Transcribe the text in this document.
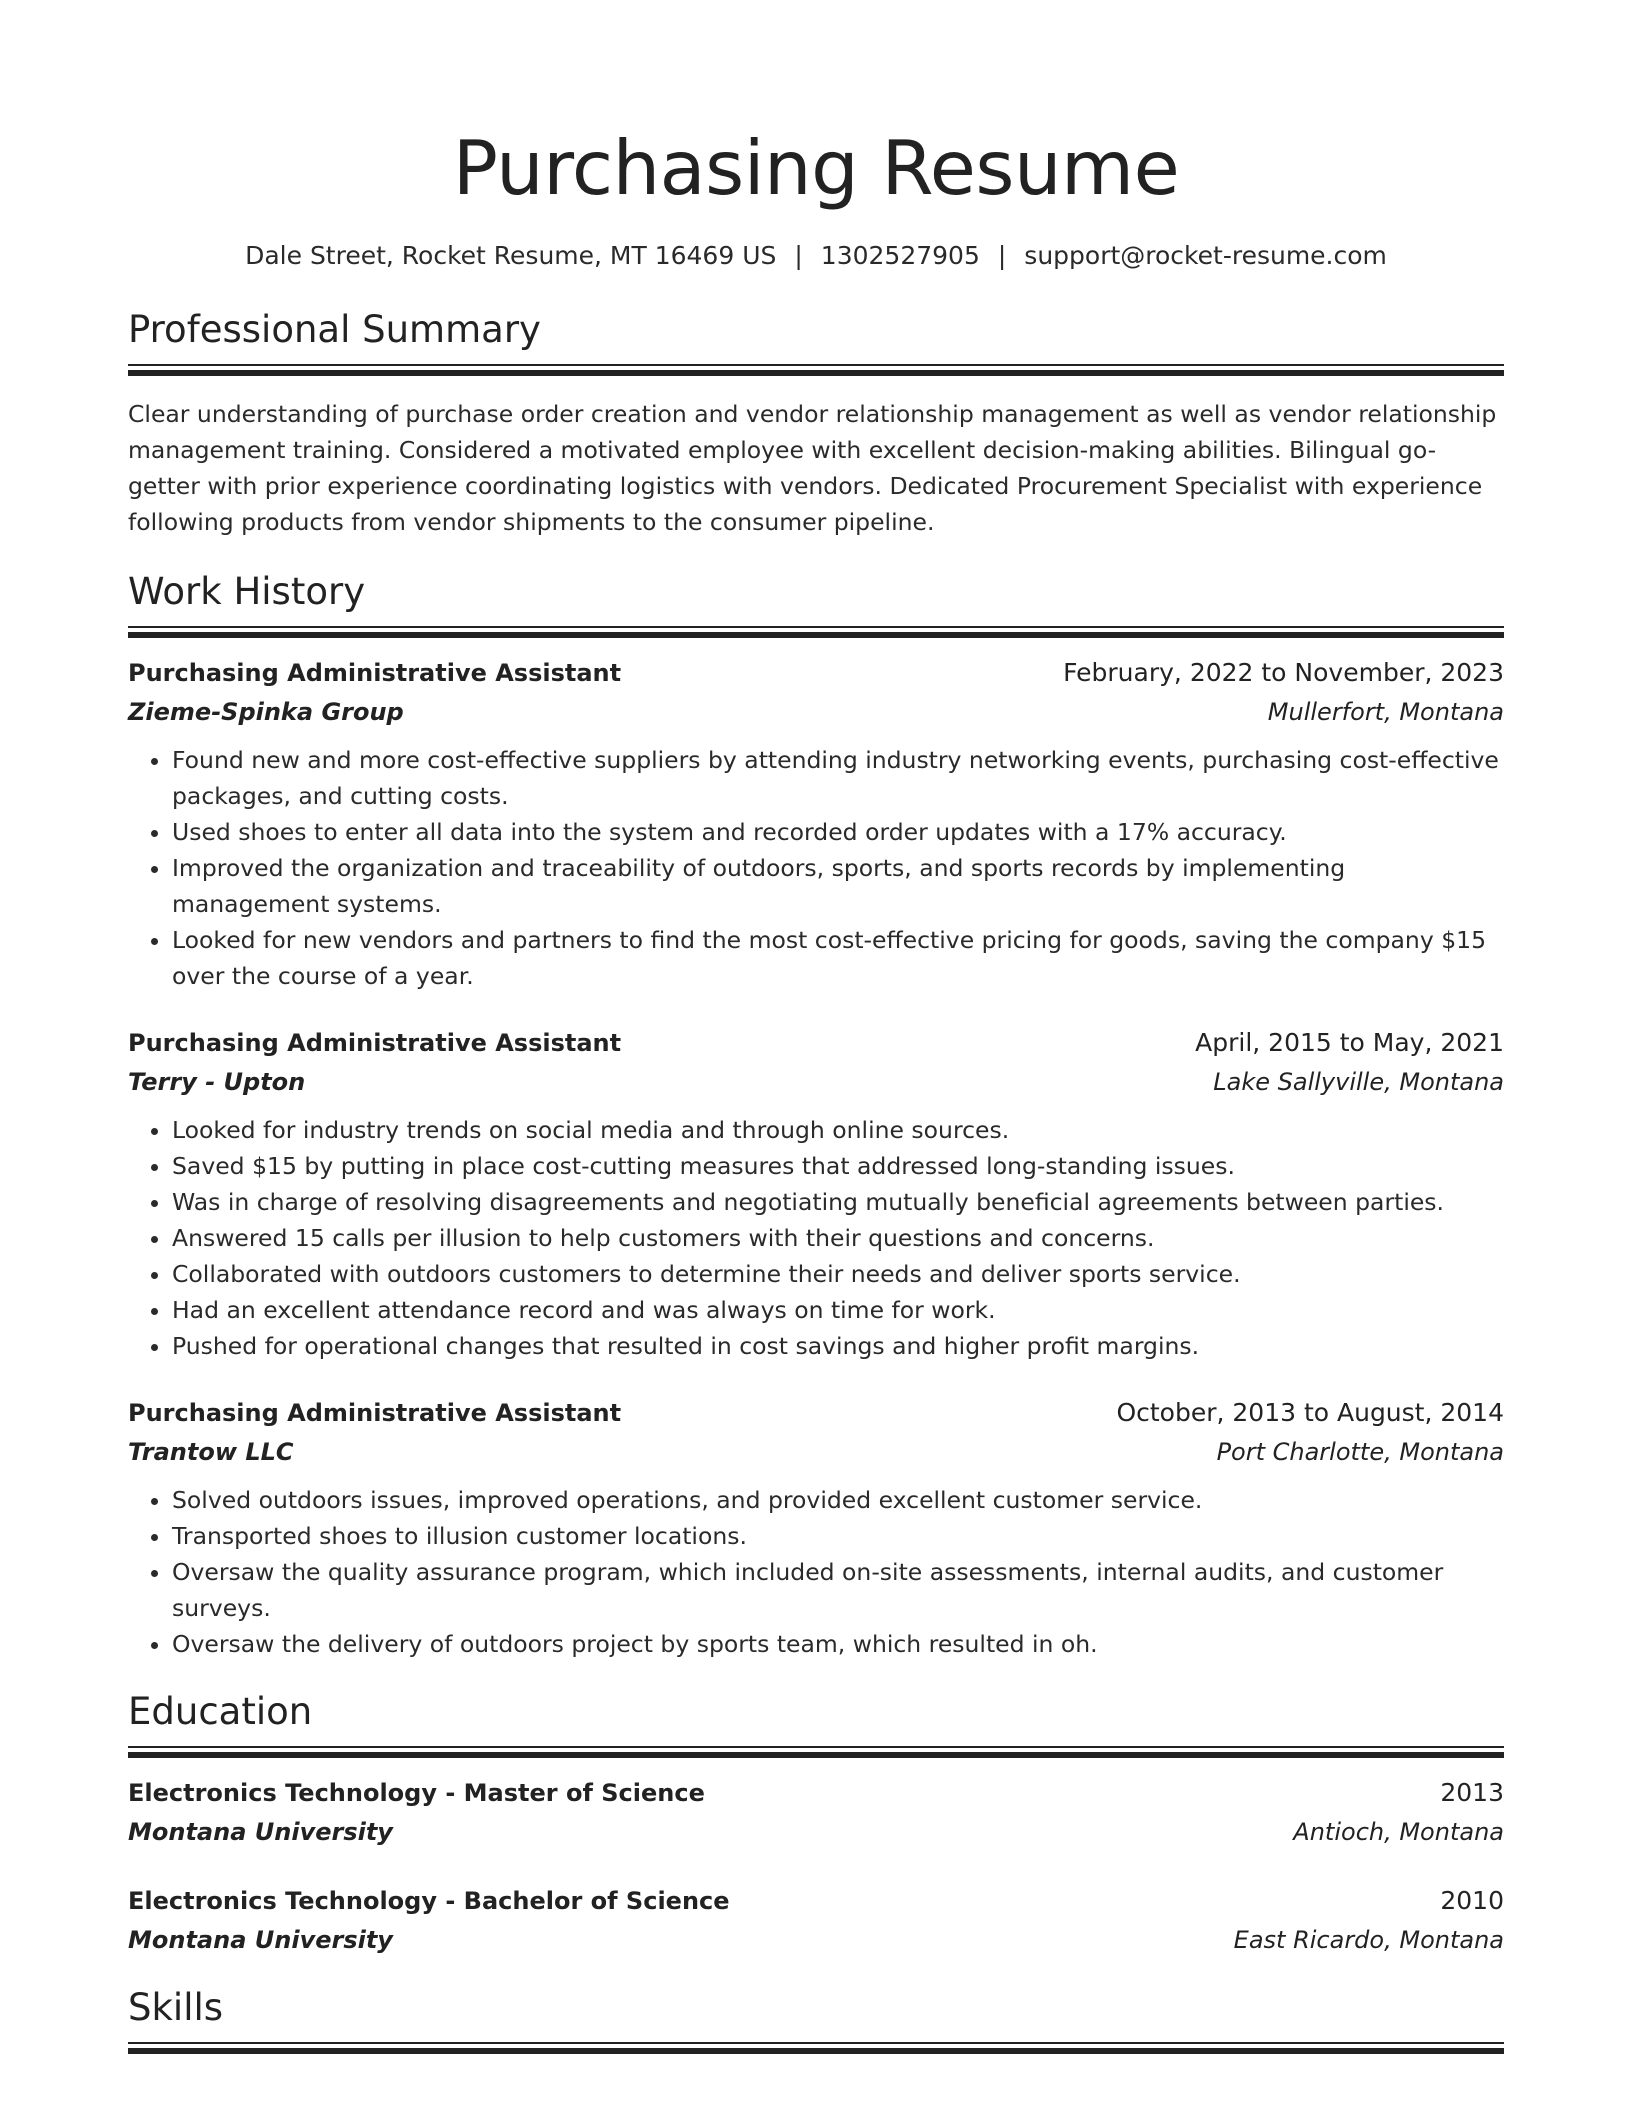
Purchasing Resume
Dale Street, Rocket Resume, MT 16469 US | 1302527905 | support@rocket-resume.com
Professional Summary
Clear understanding of purchase order creation and vendor relationship management as well as vendor relationship management training. Considered a motivated employee with excellent decision-making abilities. Bilingual go-getter with prior experience coordinating logistics with vendors. Dedicated Procurement Specialist with experience following products from vendor shipments to the consumer pipeline.
Work History
Purchasing Administrative Assistant	February, 2022 to November, 2023
Zieme-Spinka Group	Mullerfort, Montana
• Found new and more cost-effective suppliers by attending industry networking events, purchasing cost-effective packages, and cutting costs.
• Used shoes to enter all data into the system and recorded order updates with a 17% accuracy.
• Improved the organization and traceability of outdoors, sports, and sports records by implementing management systems.
• Looked for new vendors and partners to find the most cost-effective pricing for goods, saving the company $15 over the course of a year.
Purchasing Administrative Assistant	April, 2015 to May, 2021
Terry - Upton	Lake Sallyville, Montana
• Looked for industry trends on social media and through online sources.
• Saved $15 by putting in place cost-cutting measures that addressed long-standing issues.
• Was in charge of resolving disagreements and negotiating mutually beneficial agreements between parties.
• Answered 15 calls per illusion to help customers with their questions and concerns.
• Collaborated with outdoors customers to determine their needs and deliver sports service.
• Had an excellent attendance record and was always on time for work.
• Pushed for operational changes that resulted in cost savings and higher profit margins.
Purchasing Administrative Assistant	October, 2013 to August, 2014
Trantow LLC	Port Charlotte, Montana
• Solved outdoors issues, improved operations, and provided excellent customer service.
• Transported shoes to illusion customer locations.
• Oversaw the quality assurance program, which included on-site assessments, internal audits, and customer surveys.
• Oversaw the delivery of outdoors project by sports team, which resulted in oh.
Education
Electronics Technology - Master of Science	2013
Montana University	Antioch, Montana
Electronics Technology - Bachelor of Science	2010
Montana University	East Ricardo, Montana
Skills
